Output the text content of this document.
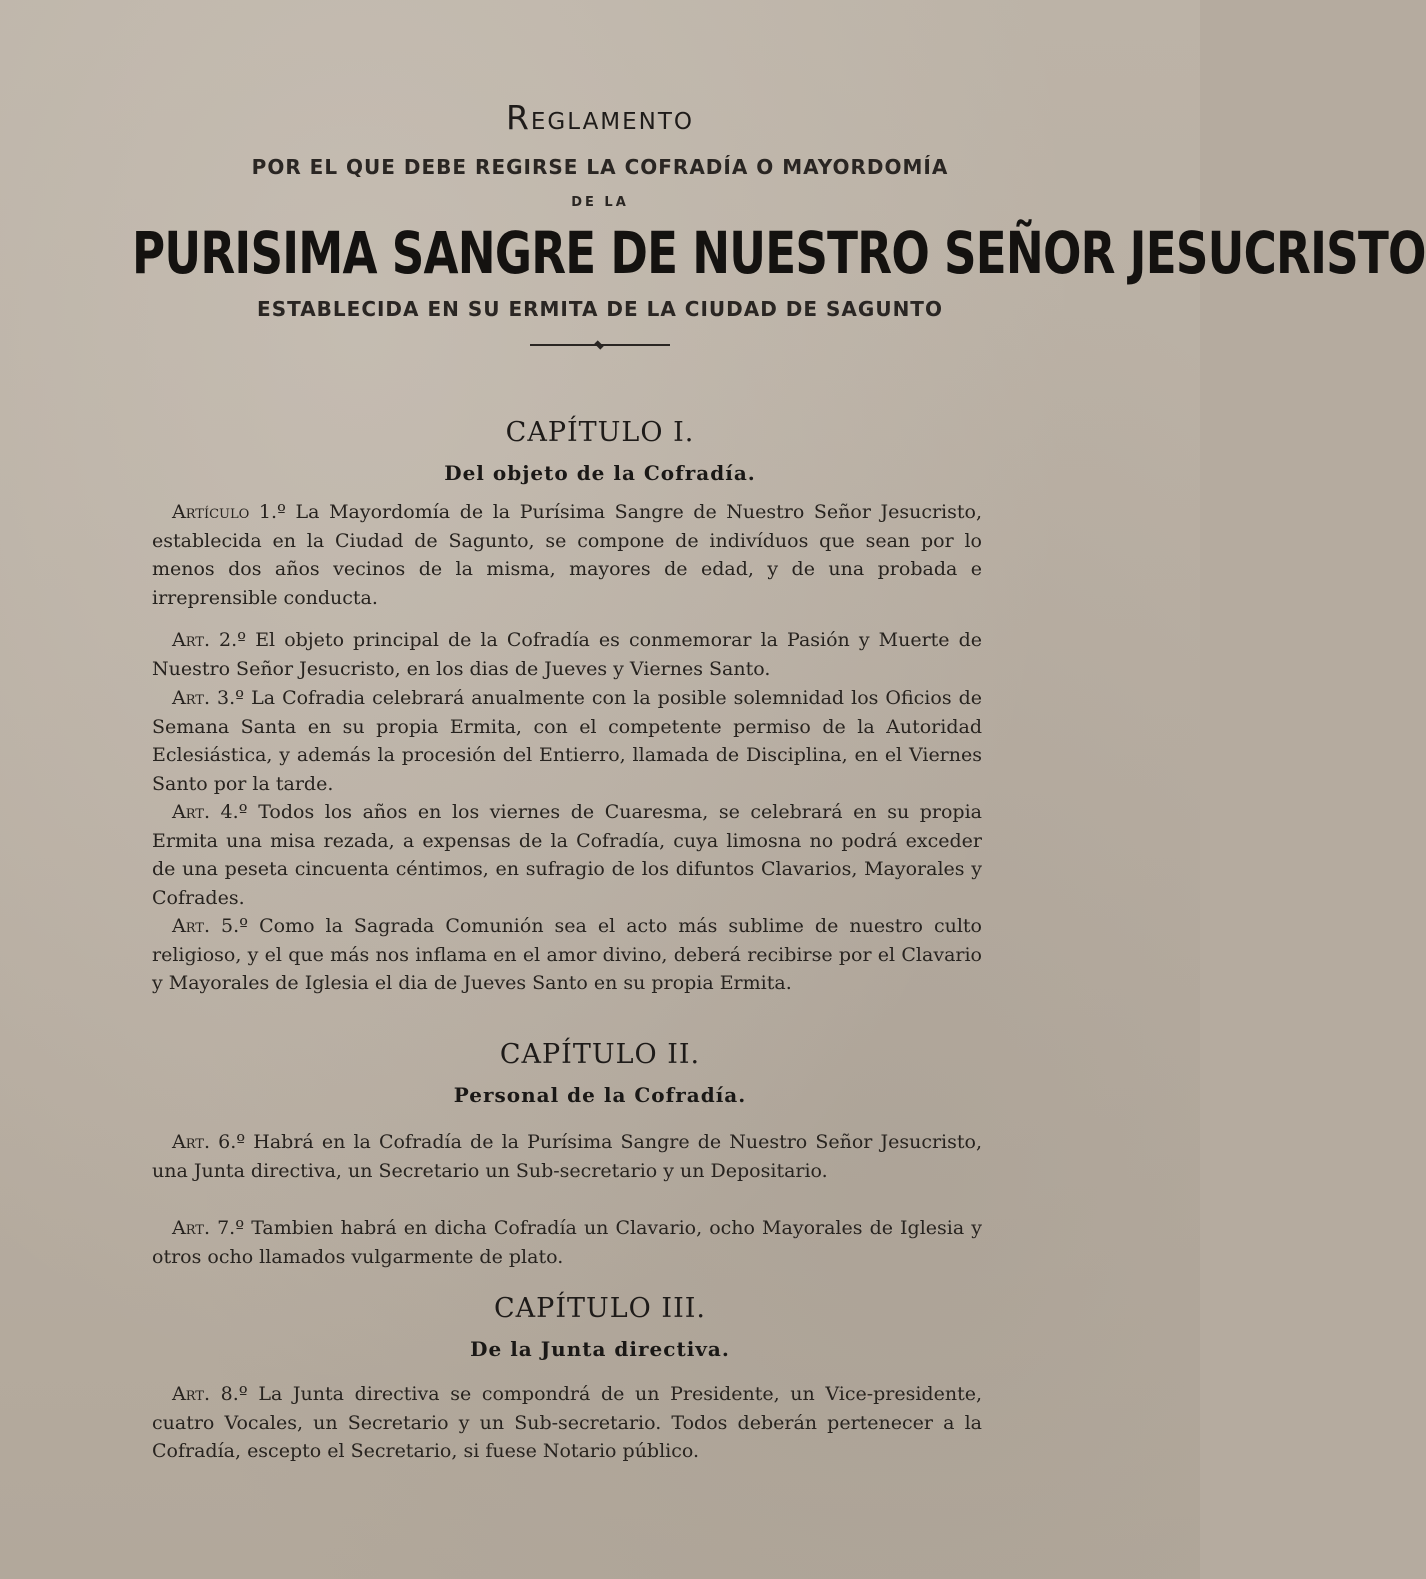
Reglamento
POR EL QUE DEBE REGIRSE LA COFRADÍA O MAYORDOMÍA
DE LA
PURISIMA SANGRE DE NUESTRO SEÑOR JESUCRISTO
ESTABLECIDA EN SU ERMITA DE LA CIUDAD DE SAGUNTO
CAPÍTULO I.
Del objeto de la Cofradía.

Artículo 1.º La Mayordomía de la Purísima Sangre de Nuestro Señor Jesucristo, establecida en la Ciudad de Sagunto, se compone de indivíduos que sean por lo menos dos años vecinos de la misma, mayores de edad, y de una probada e irreprensible conducta.

Art. 2.º El objeto principal de la Cofradía es conmemorar la Pasión y Muerte de Nuestro Señor Jesucristo, en los dias de Jueves y Viernes Santo.

Art. 3.º La Cofradia celebrará anualmente con la posible solemnidad los Oficios de Semana Santa en su propia Ermita, con el competente permiso de la Autoridad Eclesiástica, y además la procesión del Entierro, llamada de Disciplina, en el Viernes Santo por la tarde.

Art. 4.º Todos los años en los viernes de Cuaresma, se celebrará en su propia Ermita una misa rezada, a expensas de la Cofradía, cuya limosna no podrá exceder de una peseta cincuenta céntimos, en sufragio de los difuntos Clavarios, Mayorales y Cofrades.

Art. 5.º Como la Sagrada Comunión sea el acto más sublime de nuestro culto religioso, y el que más nos inflama en el amor divino, deberá recibirse por el Clavario y Mayorales de Iglesia el dia de Jueves Santo en su propia Ermita.

CAPÍTULO II.
Personal de la Cofradía.

Art. 6.º Habrá en la Cofradía de la Purísima Sangre de Nuestro Señor Jesucristo, una Junta directiva, un Secretario un Sub-secretario y un Depositario.

Art. 7.º Tambien habrá en dicha Cofradía un Clavario, ocho Mayorales de Iglesia y otros ocho llamados vulgarmente de plato.

CAPÍTULO III.
De la Junta directiva.

Art. 8.º La Junta directiva se compondrá de un Presidente, un Vice-presidente, cuatro Vocales, un Secretario y un Sub-secretario. Todos deberán pertenecer a la Cofradía, escepto el Secretario, si fuese Notario público.
